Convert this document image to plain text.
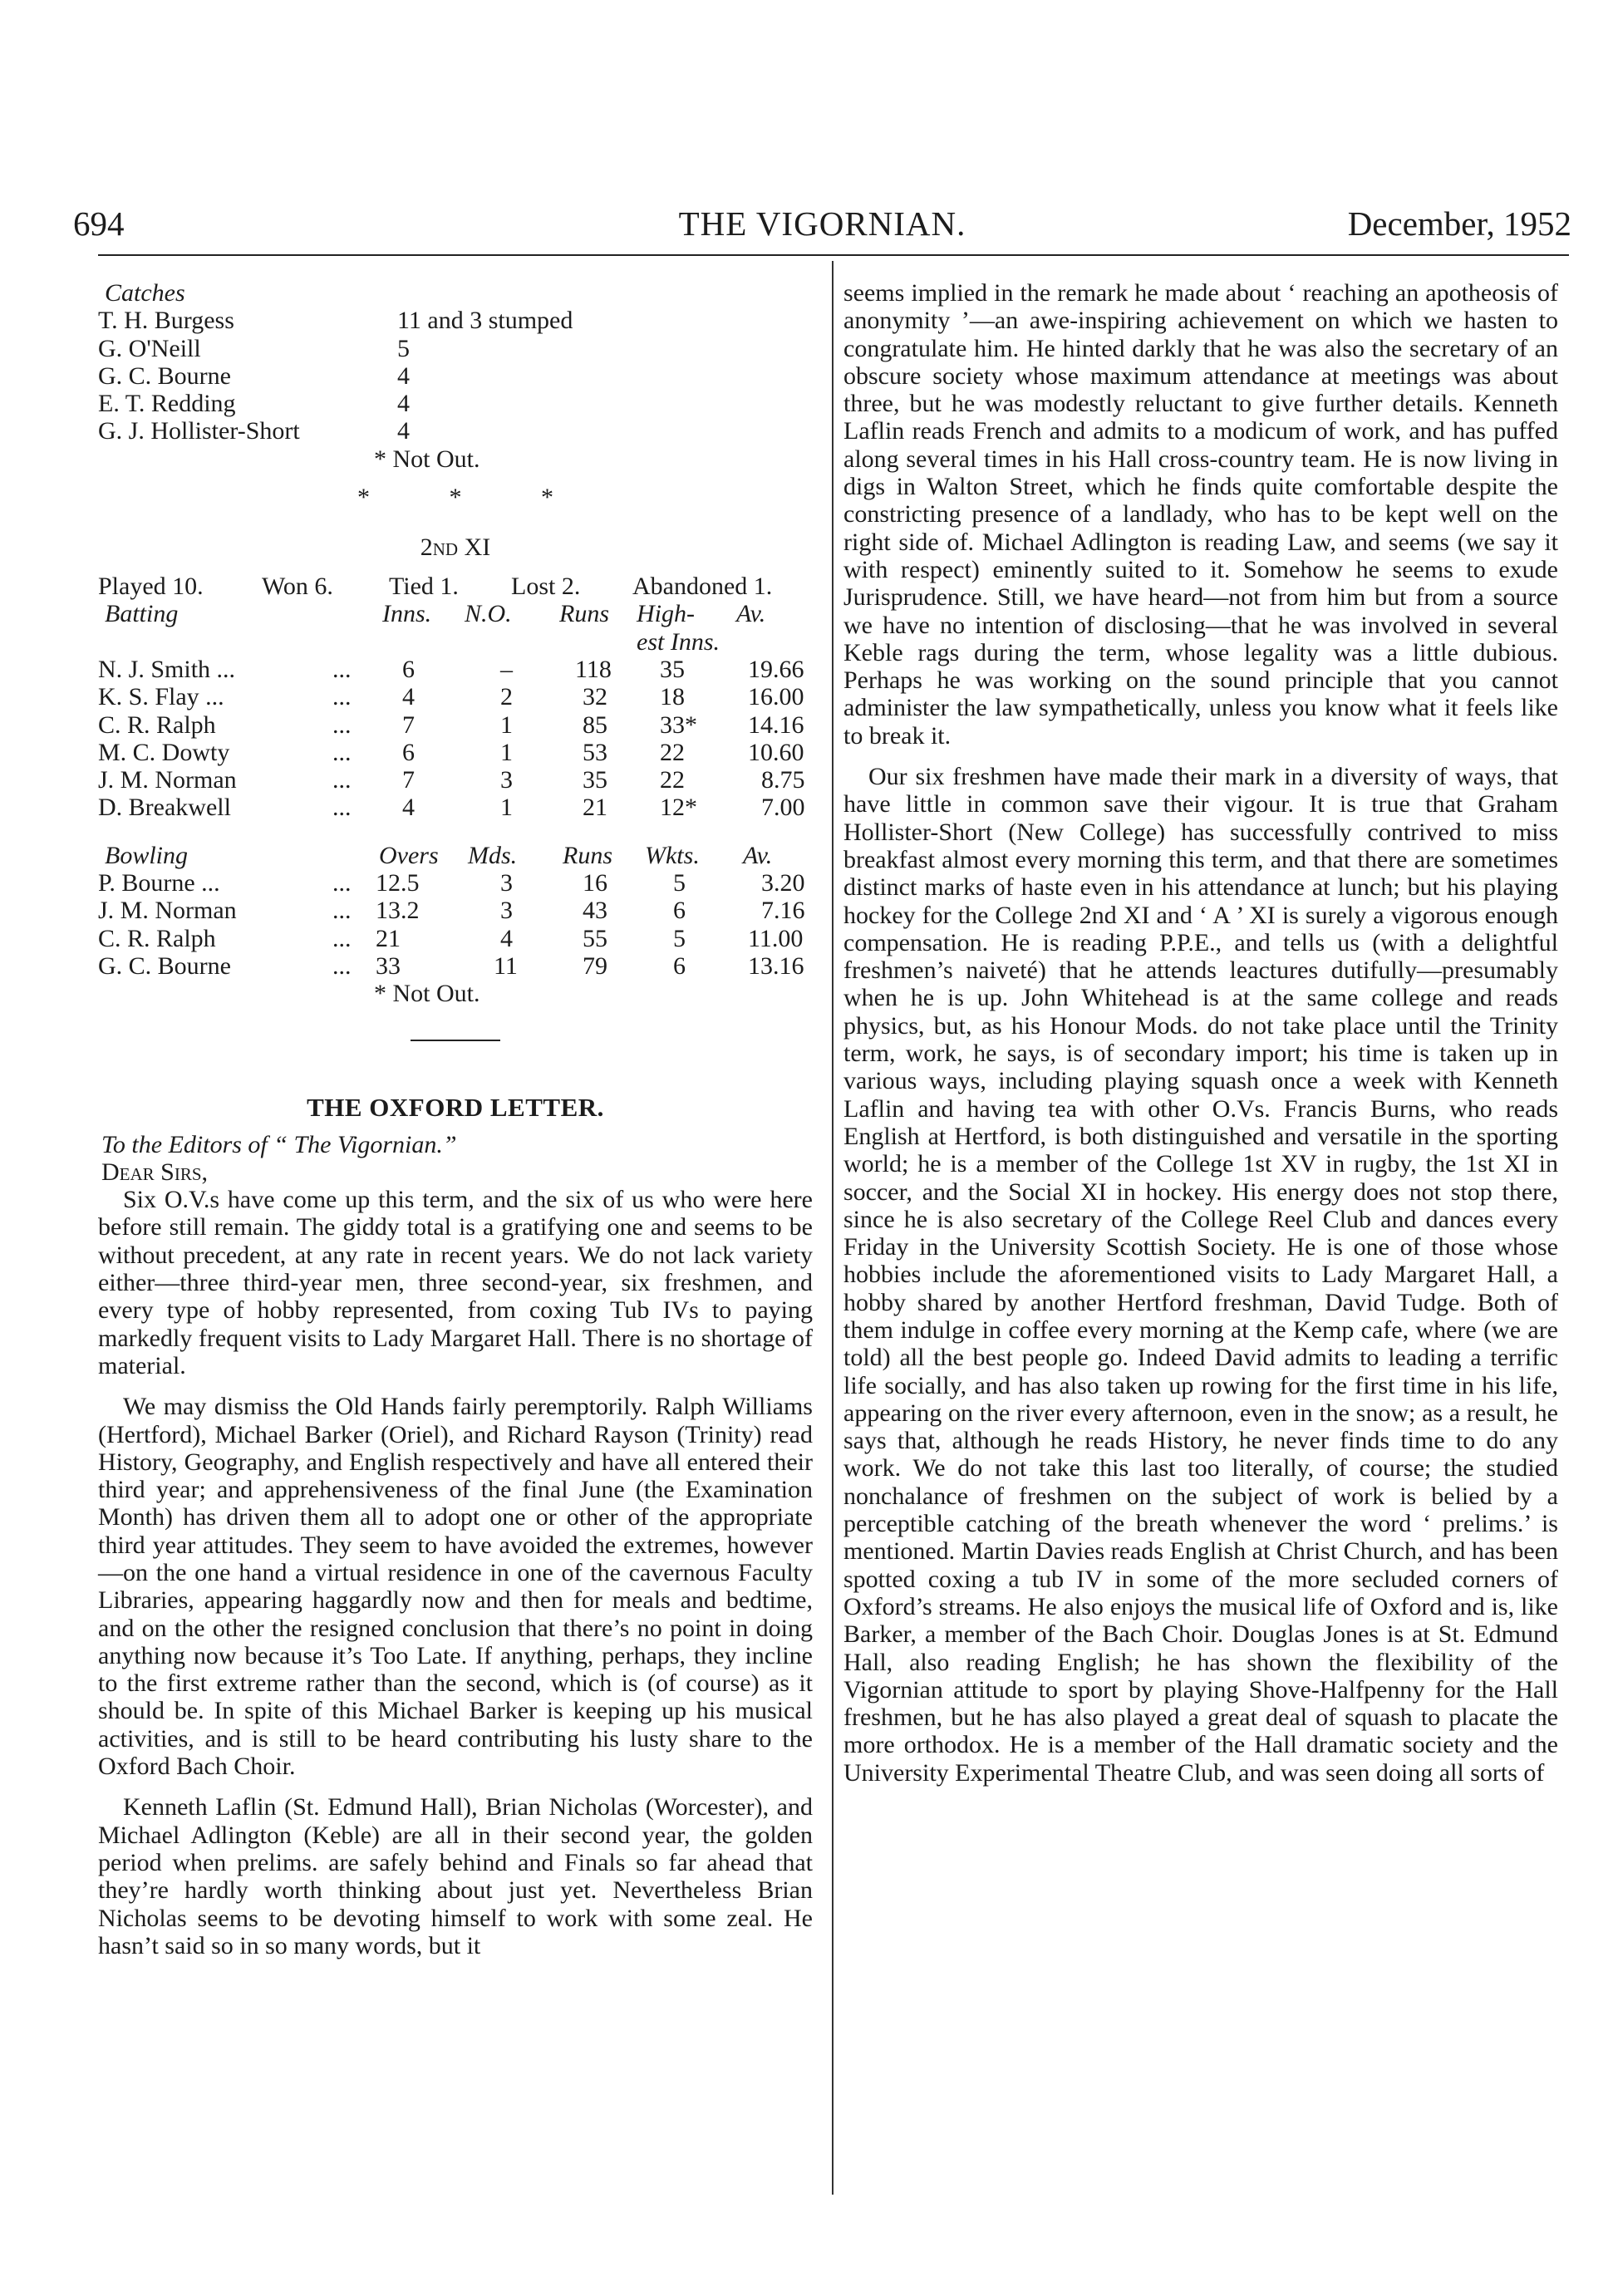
694	THE VIGORNIAN.	December, 1952
Catches
T. H. Burgess	11 and 3 stumped
G. O'Neill	5
G. C. Bourne	4
E. T. Redding	4
G. J. Hollister-Short	4
* Not Out.
* * *
2nd XI
Played 10. Won 6. Tied 1. Lost 2. Abandoned 1.
Batting	Inns. N.O. Runs High- Av.
est Inns.
N. J. Smith ...	... 6	–	118 35	19.66
K. S. Flay ...	... 4	2	32 18	16.00
C. R. Ralph	... 7	1	85 33* 14.16
M. C. Dowty	... 6	1	53 22	10.60
J. M. Norman	... 7	3	35 22	8.75
D. Breakwell	... 4	1	21 12*	7.00
Bowling	Overs Mds. Runs Wkts. Av.
P. Bourne ...	... 12.5	3	16	5	3.20
J. M. Norman	... 13.2	3	43	6	7.16
C. R. Ralph	... 21	4	55	5	11.00
G. C. Bourne	... 33	11	79	6	13.16
* Not Out.
THE OXFORD LETTER.
To the Editors of “ The Vigornian.”
Dear Sirs,

Six O.V.s have come up this term, and the six of us who were here before still remain. The giddy total is a gratifying one and seems to be without precedent, at any rate in recent years. We do not lack variety either—three third-year men, three second-year, six freshmen, and every type of hobby represented, from coxing Tub IVs to paying markedly frequent visits to Lady Margaret Hall. There is no shortage of material.

We may dismiss the Old Hands fairly peremptorily. Ralph Williams (Hertford), Michael Barker (Oriel), and Richard Rayson (Trinity) read History, Geography, and English respectively and have all entered their third year; and apprehensiveness of the final June (the Examination Month) has driven them all to adopt one or other of the appropriate third year attitudes. They seem to have avoided the extremes, however—on the one hand a virtual residence in one of the cavernous Faculty Libraries, appearing haggardly now and then for meals and bedtime, and on the other the resigned conclusion that there’s no point in doing anything now because it’s Too Late. If anything, perhaps, they incline to the first extreme rather than the second, which is (of course) as it should be. In spite of this Michael Barker is keeping up his musical activities, and is still to be heard contributing his lusty share to the Oxford Bach Choir.

Kenneth Laflin (St. Edmund Hall), Brian Nicholas (Worcester), and Michael Adlington (Keble) are all in their second year, the golden period when prelims. are safely behind and Finals so far ahead that they’re hardly worth thinking about just yet. Nevertheless Brian Nicholas seems to be devoting himself to work with some zeal. He hasn’t said so in so many words, but it

seems implied in the remark he made about ‘ reaching an apotheosis of anonymity ’—an awe-inspiring achievement on which we hasten to congratulate him. He hinted darkly that he was also the secretary of an obscure society whose maximum attendance at meetings was about three, but he was modestly reluctant to give further details. Kenneth Laflin reads French and admits to a modicum of work, and has puffed along several times in his Hall cross-country team. He is now living in digs in Walton Street, which he finds quite comfortable despite the constricting presence of a landlady, who has to be kept well on the right side of. Michael Adlington is reading Law, and seems (we say it with respect) eminently suited to it. Somehow he seems to exude Jurisprudence. Still, we have heard—not from him but from a source we have no intention of disclosing—that he was involved in several Keble rags during the term, whose legality was a little dubious. Perhaps he was working on the sound principle that you cannot administer the law sympathetically, unless you know what it feels like to break it.

Our six freshmen have made their mark in a diversity of ways, that have little in common save their vigour. It is true that Graham Hollister-Short (New College) has successfully contrived to miss breakfast almost every morning this term, and that there are sometimes distinct marks of haste even in his attendance at lunch; but his playing hockey for the College 2nd XI and ‘ A ’ XI is surely a vigorous enough compensation. He is reading P.P.E., and tells us (with a delightful freshmen’s naiveté) that he attends leactures dutifully—presumably when he is up. John Whitehead is at the same college and reads physics, but, as his Honour Mods. do not take place until the Trinity term, work, he says, is of secondary import; his time is taken up in various ways, including playing squash once a week with Kenneth Laflin and having tea with other O.Vs. Francis Burns, who reads English at Hertford, is both distinguished and versatile in the sporting world; he is a member of the College 1st XV in rugby, the 1st XI in soccer, and the Social XI in hockey. His energy does not stop there, since he is also secretary of the College Reel Club and dances every Friday in the University Scottish Society. He is one of those whose hobbies include the aforementioned visits to Lady Margaret Hall, a hobby shared by another Hertford freshman, David Tudge. Both of them indulge in coffee every morning at the Kemp cafe, where (we are told) all the best people go. Indeed David admits to leading a terrific life socially, and has also taken up rowing for the first time in his life, appearing on the river every afternoon, even in the snow; as a result, he says that, although he reads History, he never finds time to do any work. We do not take this last too literally, of course; the studied nonchalance of freshmen on the subject of work is belied by a perceptible catching of the breath whenever the word ‘ prelims.’ is mentioned. Martin Davies reads English at Christ Church, and has been spotted coxing a tub IV in some of the more secluded corners of Oxford’s streams. He also enjoys the musical life of Oxford and is, like Barker, a member of the Bach Choir. Douglas Jones is at St. Edmund Hall, also reading English; he has shown the flexibility of the Vigornian attitude to sport by playing Shove-Halfpenny for the Hall freshmen, but he has also played a great deal of squash to placate the more orthodox. He is a member of the Hall dramatic society and the University Experimental Theatre Club, and was seen doing all sorts of
